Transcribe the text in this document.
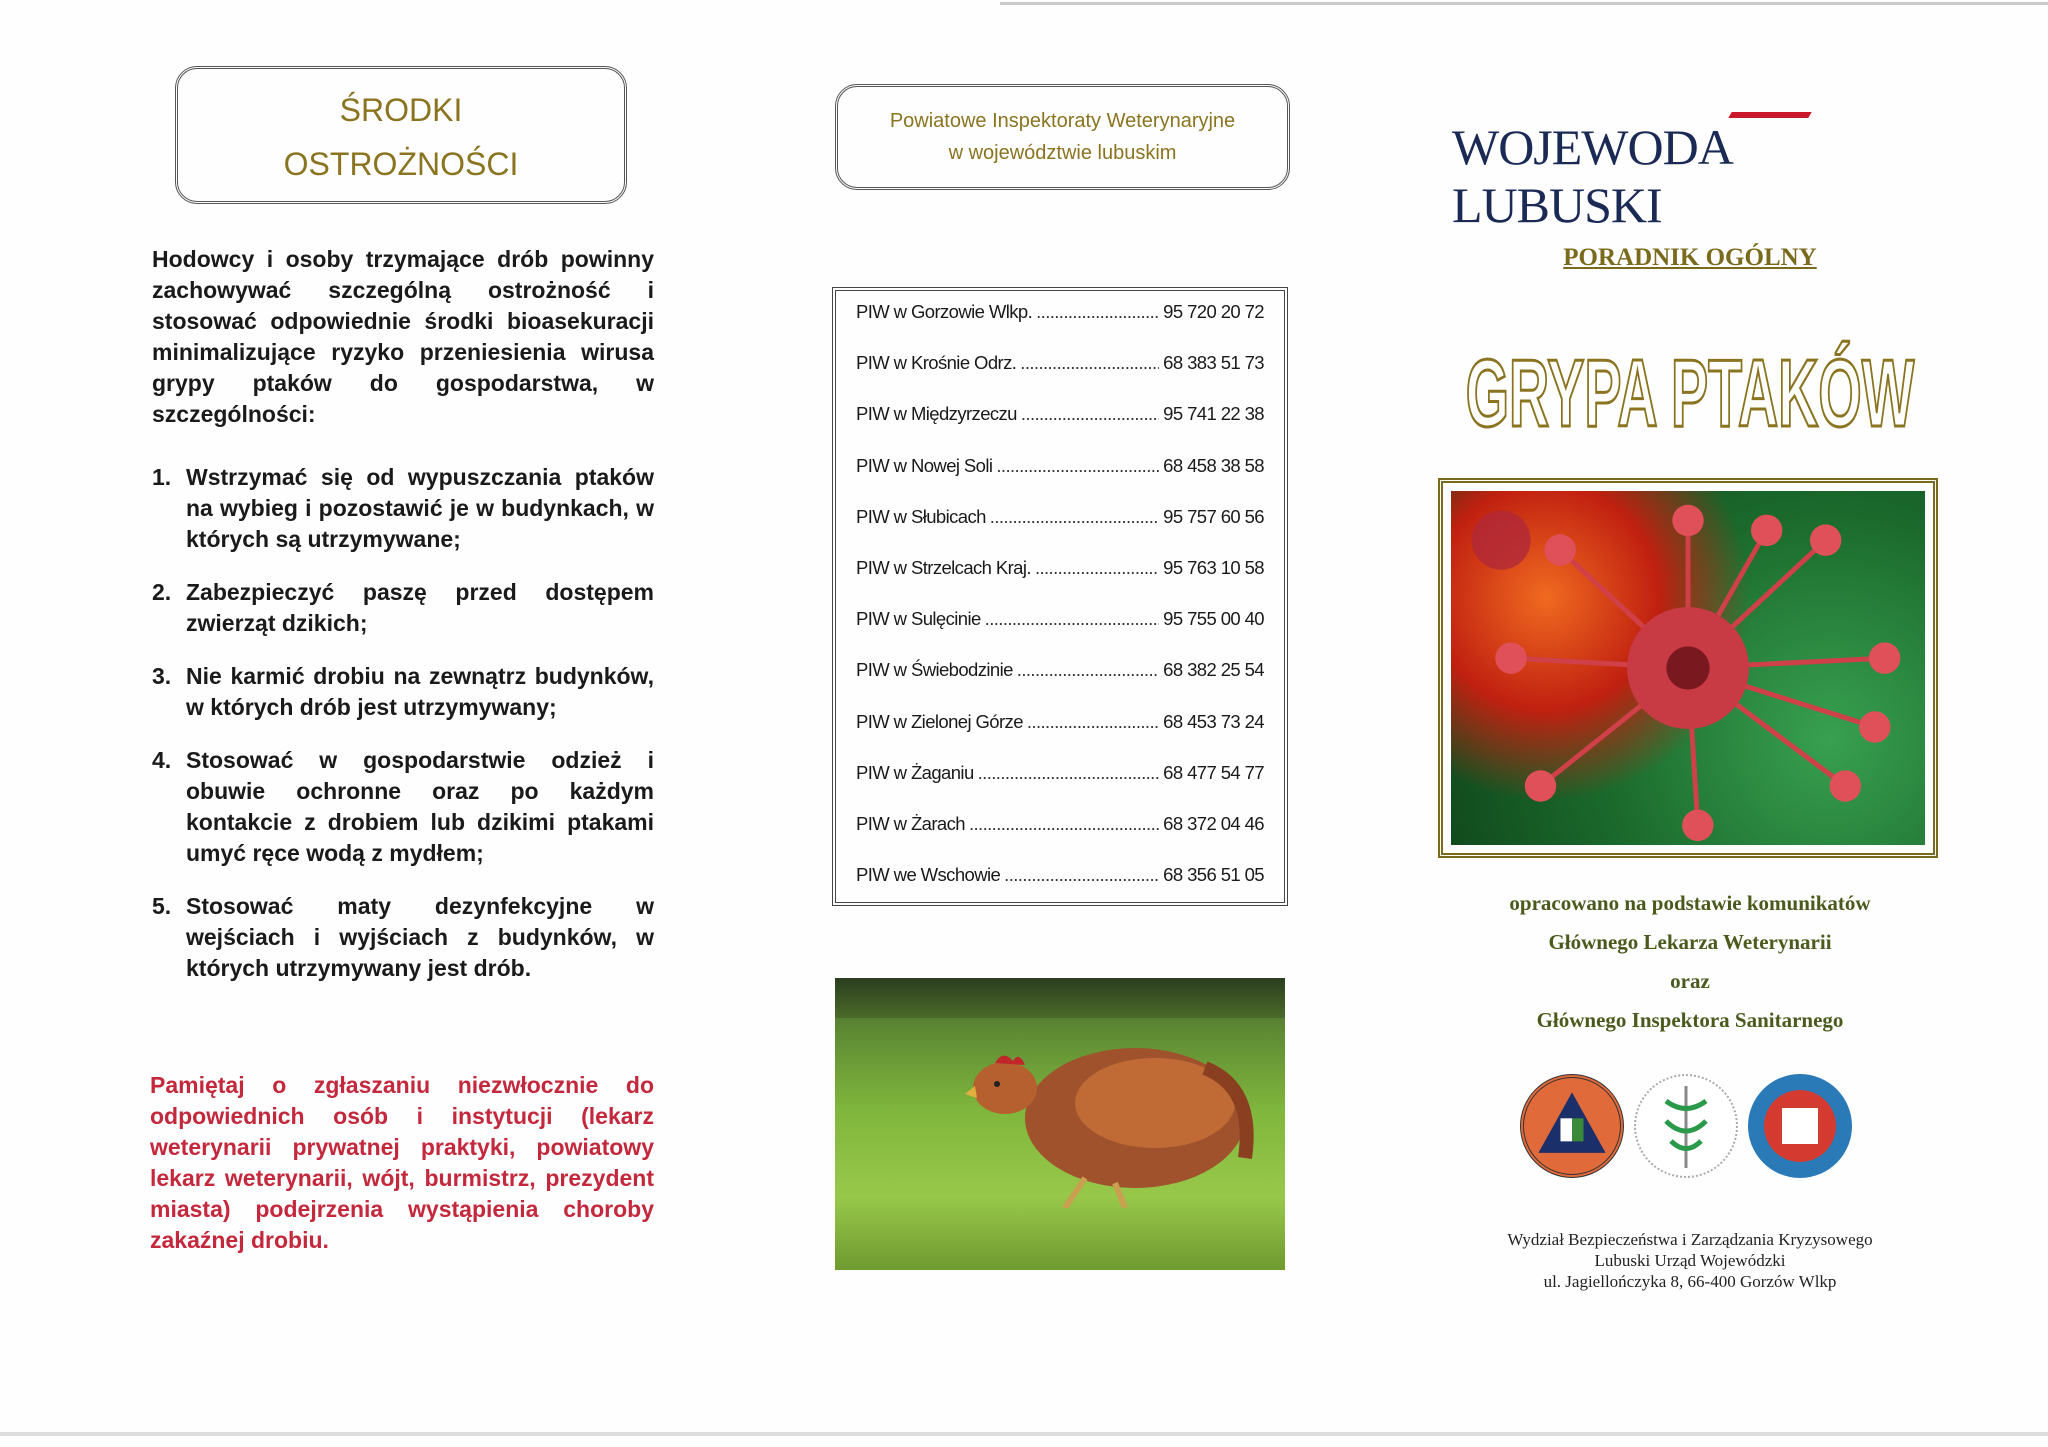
ŚRODKI
OSTROŻNOŚCI
Hodowcy i osoby trzymające drób powinny zachowywać szczególną ostrożność i stosować odpowiednie środki bioasekuracji minimalizujące ryzyko przeniesienia wirusa grypy ptaków do gospodarstwa, w szczególności:
1. Wstrzymać się od wypuszczania ptaków na wybieg i pozostawić je w budynkach, w których są utrzymywane;
2. Zabezpieczyć paszę przed dostępem zwierząt dzikich;
3. Nie karmić drobiu na zewnątrz budynków, w których drób jest utrzymywany;
4. Stosować w gospodarstwie odzież i obuwie ochronne oraz po każdym kontakcie z drobiem lub dzikimi ptakami umyć ręce wodą z mydłem;
5. Stosować maty dezynfekcyjne w wejściach i wyjściach z budynków, w których utrzymywany jest drób.
Pamiętaj o zgłaszaniu niezwłocznie do odpowiednich osób i instytucji (lekarz weterynarii prywatnej praktyki, powiatowy lekarz weterynarii, wójt, burmistrz, prezydent miasta) podejrzenia wystąpienia choroby zakaźnej drobiu.
Powiatowe Inspektoraty Weterynaryjne
w województwie lubuskim
PIW w Gorzowie Wlkp. .....	95 720 20 72
PIW w Krośnie Odrz. .....	68 383 51 73
PIW w Międzyrzeczu .....	95 741 22 38
PIW w Nowej Soli .....	68 458 38 58
PIW w Słubicach .....	95 757 60 56
PIW w Strzelcach Kraj. .....	95 763 10 58
PIW w Sulęcinie .....	95 755 00 40
PIW w Świebodzinie .....	68 382 25 54
PIW w Zielonej Górze .....	68 453 73 24
PIW w Żaganiu .....	68 477 54 77
PIW w Żarach .....	68 372 04 46
PIW we Wschowie .....	68 356 51 05
WOJEWODA LUBUSKI
PORADNIK OGÓLNY
GRYPA PTAKÓW
opracowano na podstawie komunikatów
Głównego Lekarza Weterynarii
oraz
Głównego Inspektora Sanitarnego
Wydział Bezpieczeństwa i Zarządzania Kryzysowego
Lubuski Urząd Wojewódzki
ul. Jagiellończyka 8, 66-400 Gorzów Wlkp
